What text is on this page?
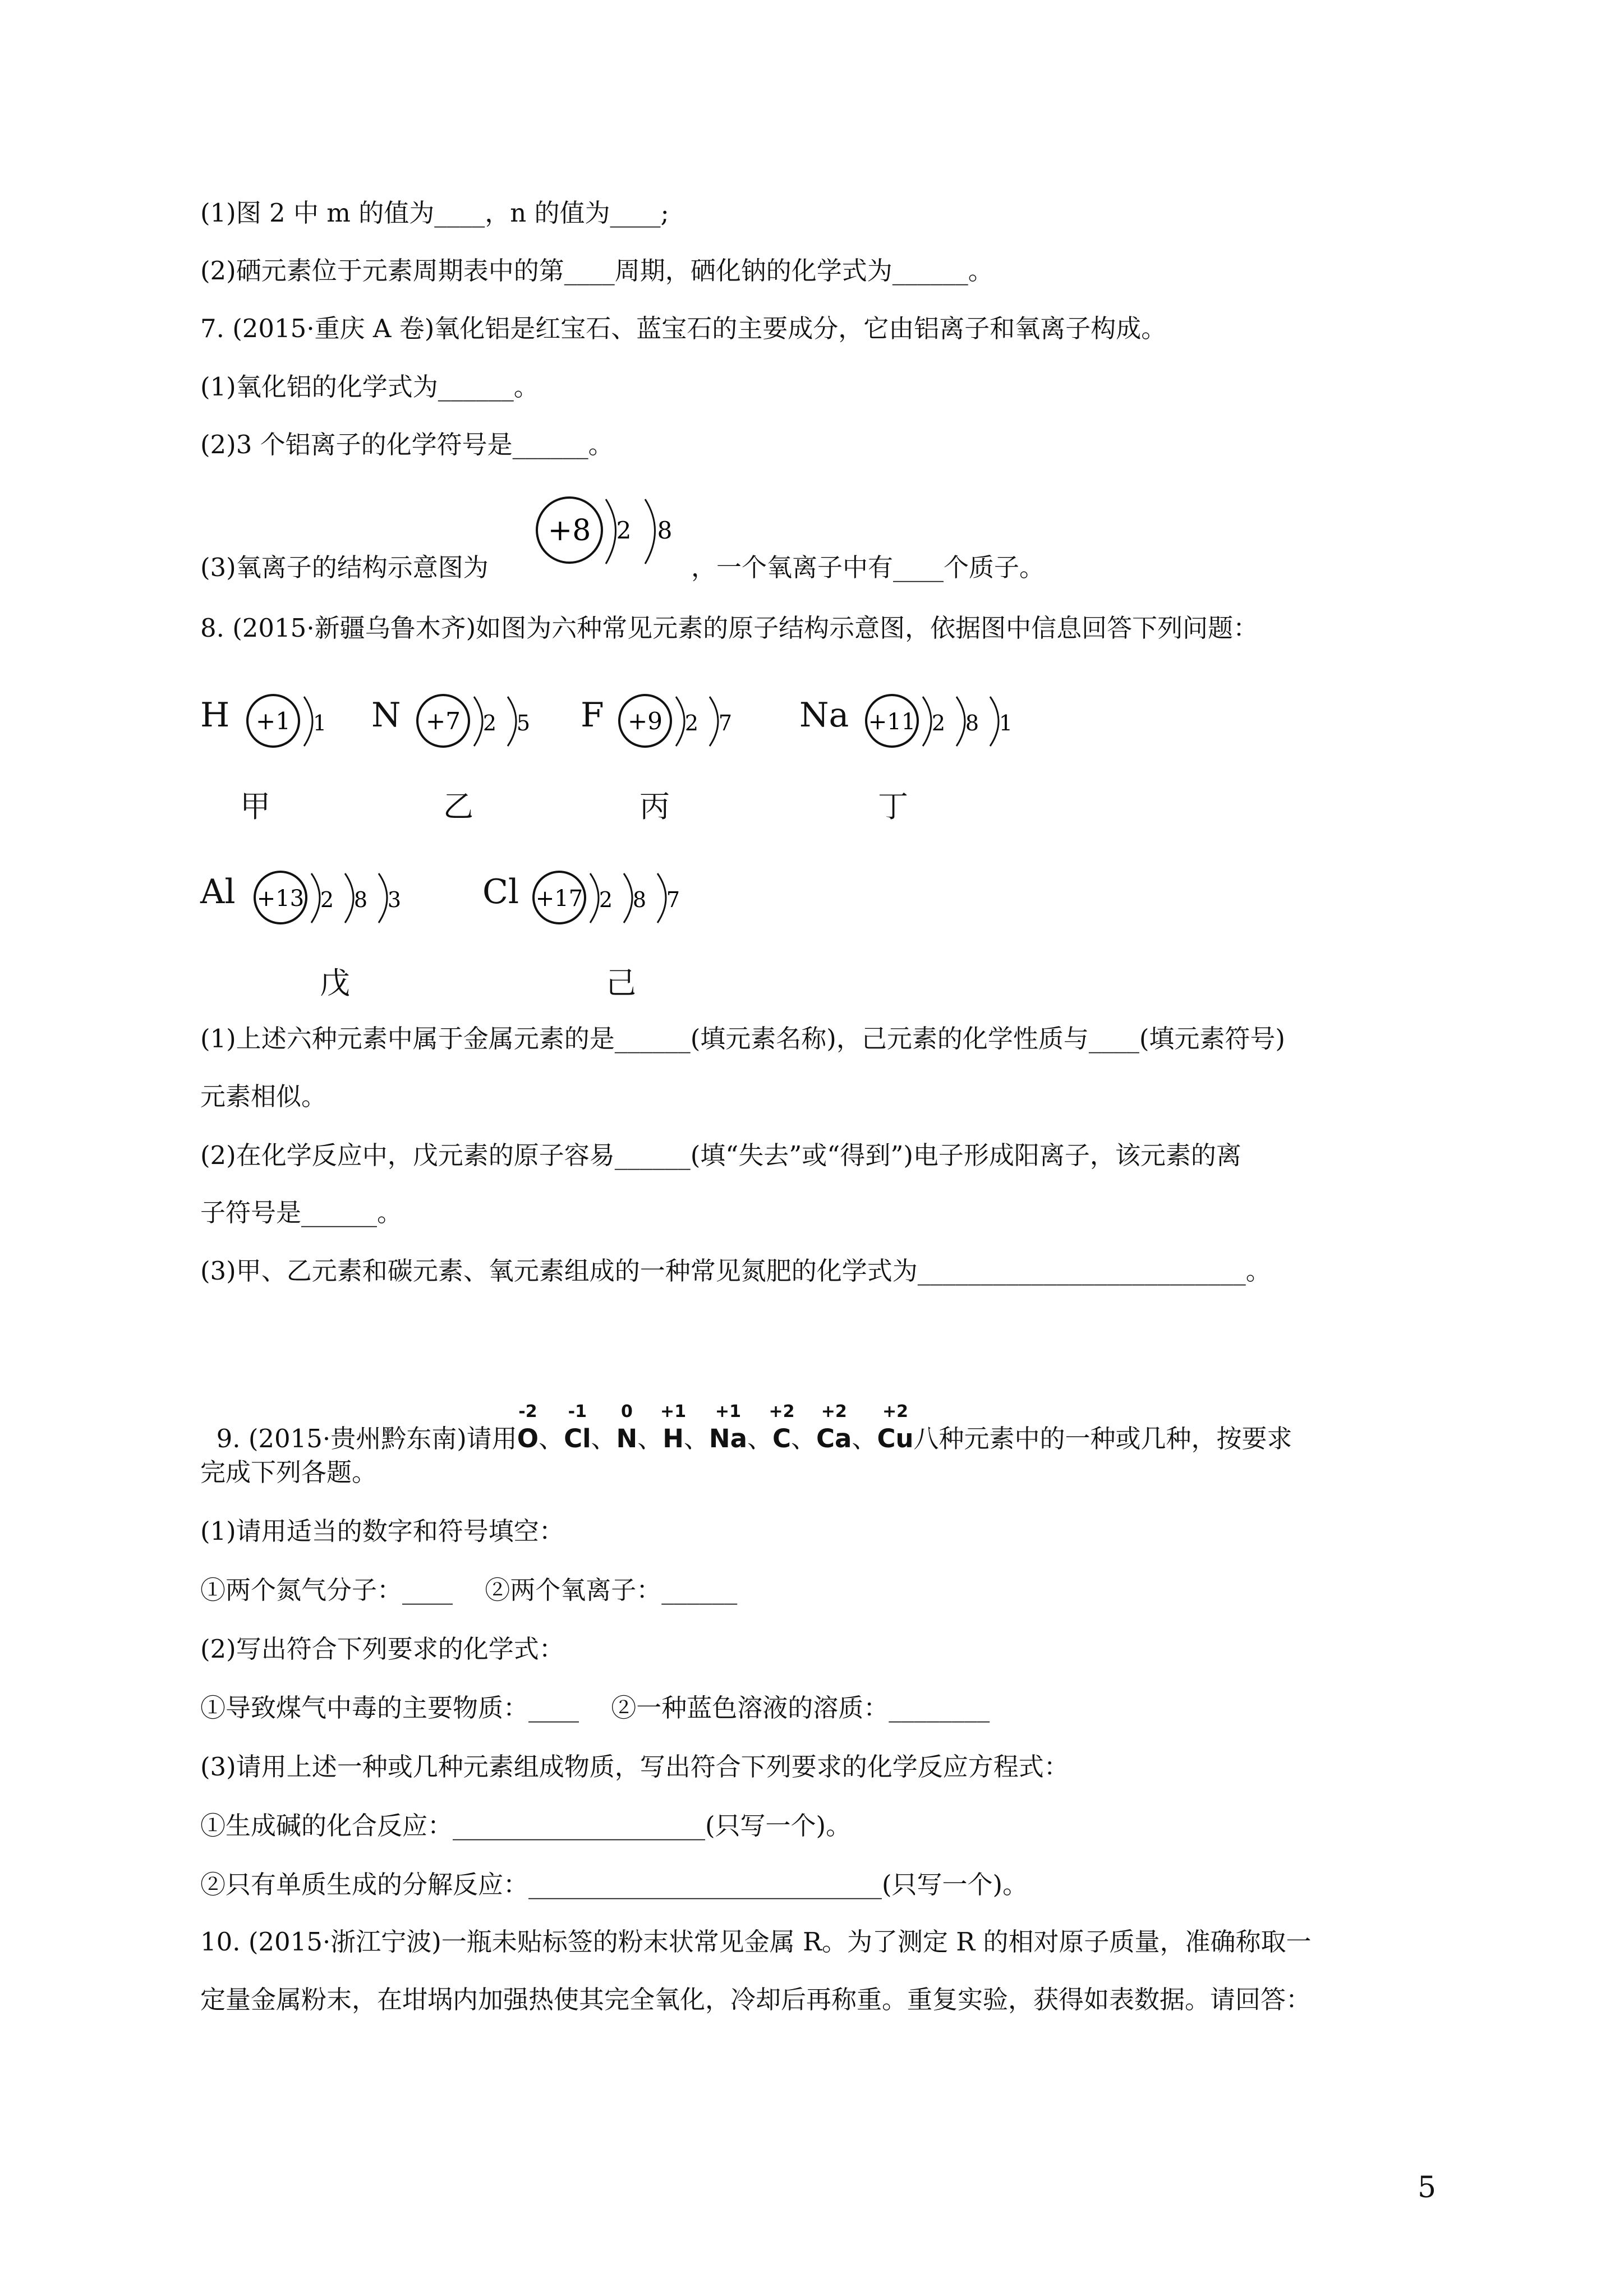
(1)图 2 中 m 的值为____，n 的值为____;
(2)硒元素位于元素周期表中的第____周期，硒化钠的化学式为______。
7. (2015·重庆 A 卷)氧化铝是红宝石、蓝宝石的主要成分，它由铝离子和氧离子构成。
(1)氧化铝的化学式为______。
(2)3 个铝离子的化学符号是______。
(3)氧离子的结构示意图为
+8 2 8
，一个氧离子中有____个质子。
8. (2015·新疆乌鲁木齐)如图为六种常见元素的原子结构示意图，依据图中信息回答下列问题：
H +1 1
甲
N +7 2 5
乙
F +9 2 7
丙
Na +11 2 8 1
丁
Al +13 2 8 3
戊
Cl +17 2 8 7
己
(1)上述六种元素中属于金属元素的是______(填元素名称)，己元素的化学性质与____(填元素符号)
元素相似。
(2)在化学反应中，戊元素的原子容易______(填“失去”或“得到”)电子形成阳离子，该元素的离
子符号是______。
(3)甲、乙元素和碳元素、氧元素组成的一种常见氮肥的化学式为__________________________。

9. (2015·贵州黔东南)请用
-2
O、
-1
Cl、
0
N、
+1
H、
+1
Na、
+2
C、
+2
Ca、
+2
Cu八种元素中的一种或几种，按要求

完成下列各题。
(1)请用适当的数字和符号填空：
①两个氮气分子：____    ②两个氧离子：______
(2)写出符合下列要求的化学式：
①导致煤气中毒的主要物质：____    ②一种蓝色溶液的溶质：________
(3)请用上述一种或几种元素组成物质，写出符合下列要求的化学反应方程式：
①生成碱的化合反应：____________________(只写一个)。
②只有单质生成的分解反应：____________________________(只写一个)。
10. (2015·浙江宁波)一瓶未贴标签的粉末状常见金属 R。为了测定 R 的相对原子质量，准确称取一
定量金属粉末，在坩埚内加强热使其完全氧化，冷却后再称重。重复实验，获得如表数据。请回答：
5
